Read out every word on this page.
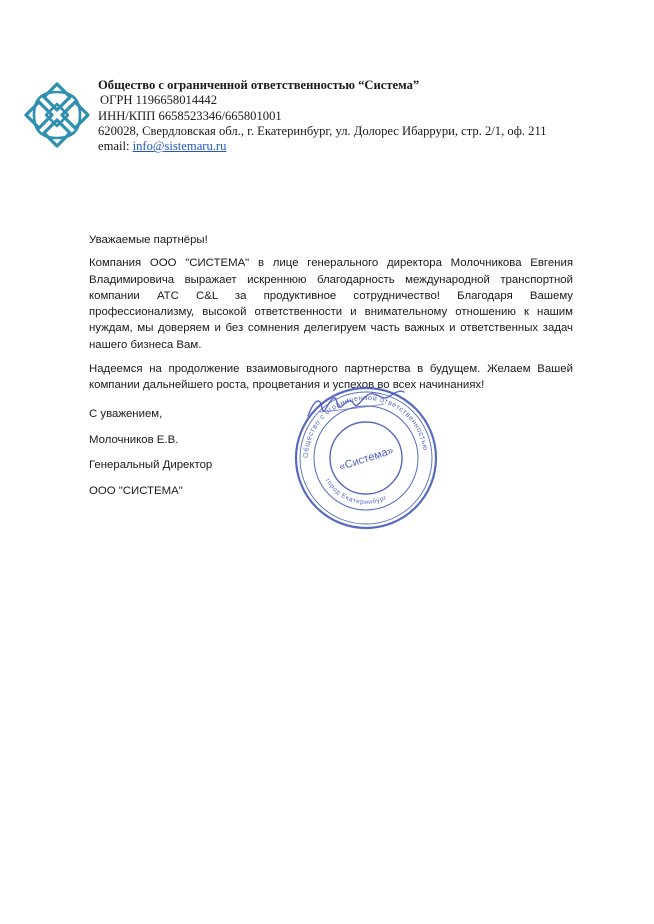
Общество с ограниченной ответственностью “Система”
ОГРН 1196658014442
ИНН/КПП 6658523346/665801001
620028, Свердловская обл., г. Екатеринбург, ул. Долорес Ибаррури, стр. 2/1, оф. 211
email: info@sistemaru.ru

Уважаемые партнёры!

Компания ООО "СИСТЕМА" в лице генерального директора Молочникова Евгения Владимировича выражает искреннюю благодарность международной транспортной компании АТС C&L за продуктивное сотрудничество! Благодаря Вашему профессионализму, высокой ответственности и внимательному отношению к нашим нуждам, мы доверяем и без сомнения делегируем часть важных и ответственных задач нашего бизнеса Вам.

Надеемся на продолжение взаимовыгодного партнерства в будущем. Желаем Вашей компании дальнейшего роста, процветания и успехов во всех начинаниях!

С уважением,
Молочников Е.В.
Генеральный Директор
ООО "СИСТЕМА"
Общество с ограниченной ответственностью
город Екатеринбург
«Система»
